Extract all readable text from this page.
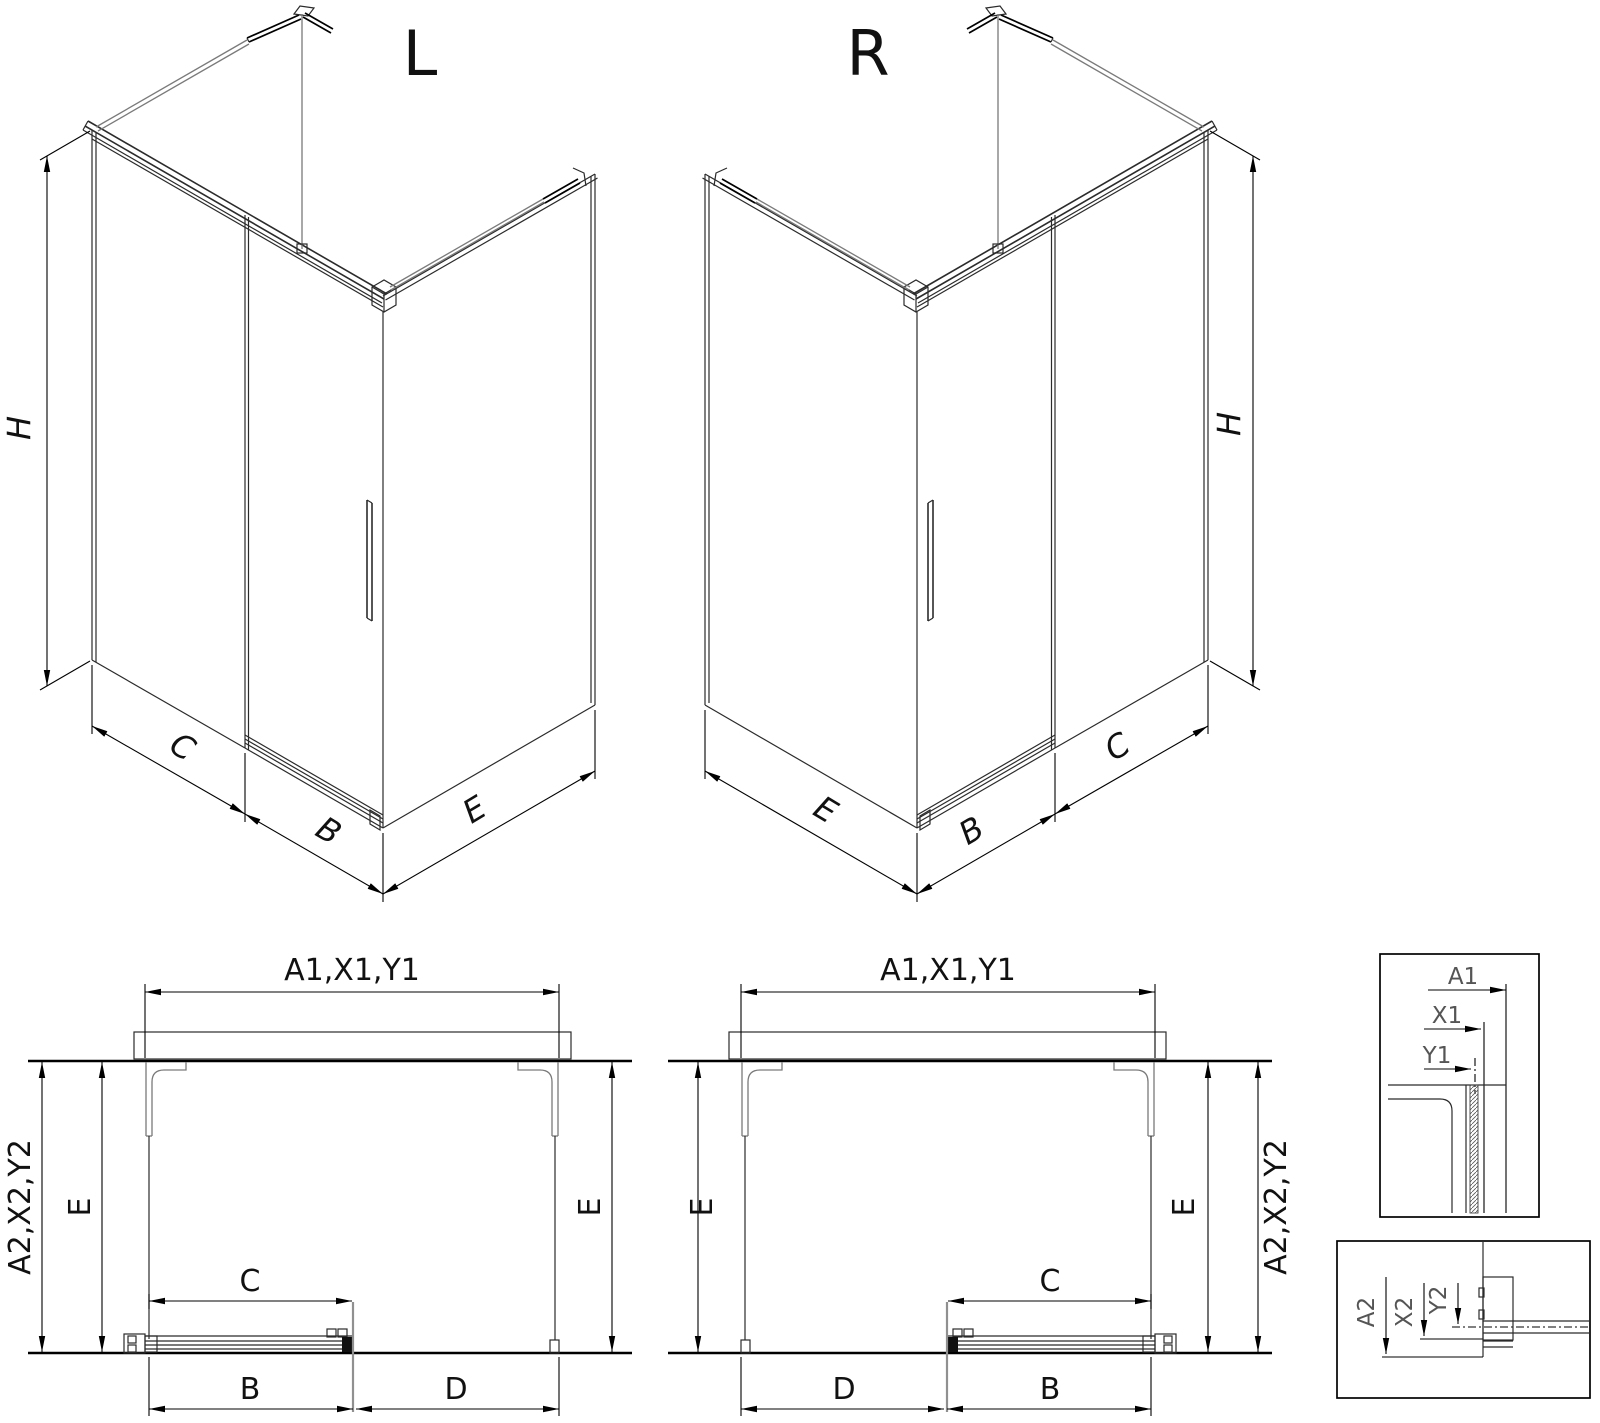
L	R
H
C
B	E
H
E	B
C
A1,X1,Y1
A2,X2,Y2 E	E
C
B	D
A1,X1,Y1
E	E A2,X2,Y2
C
B
D
A1
X1
Y1
A2 X2 Y2
